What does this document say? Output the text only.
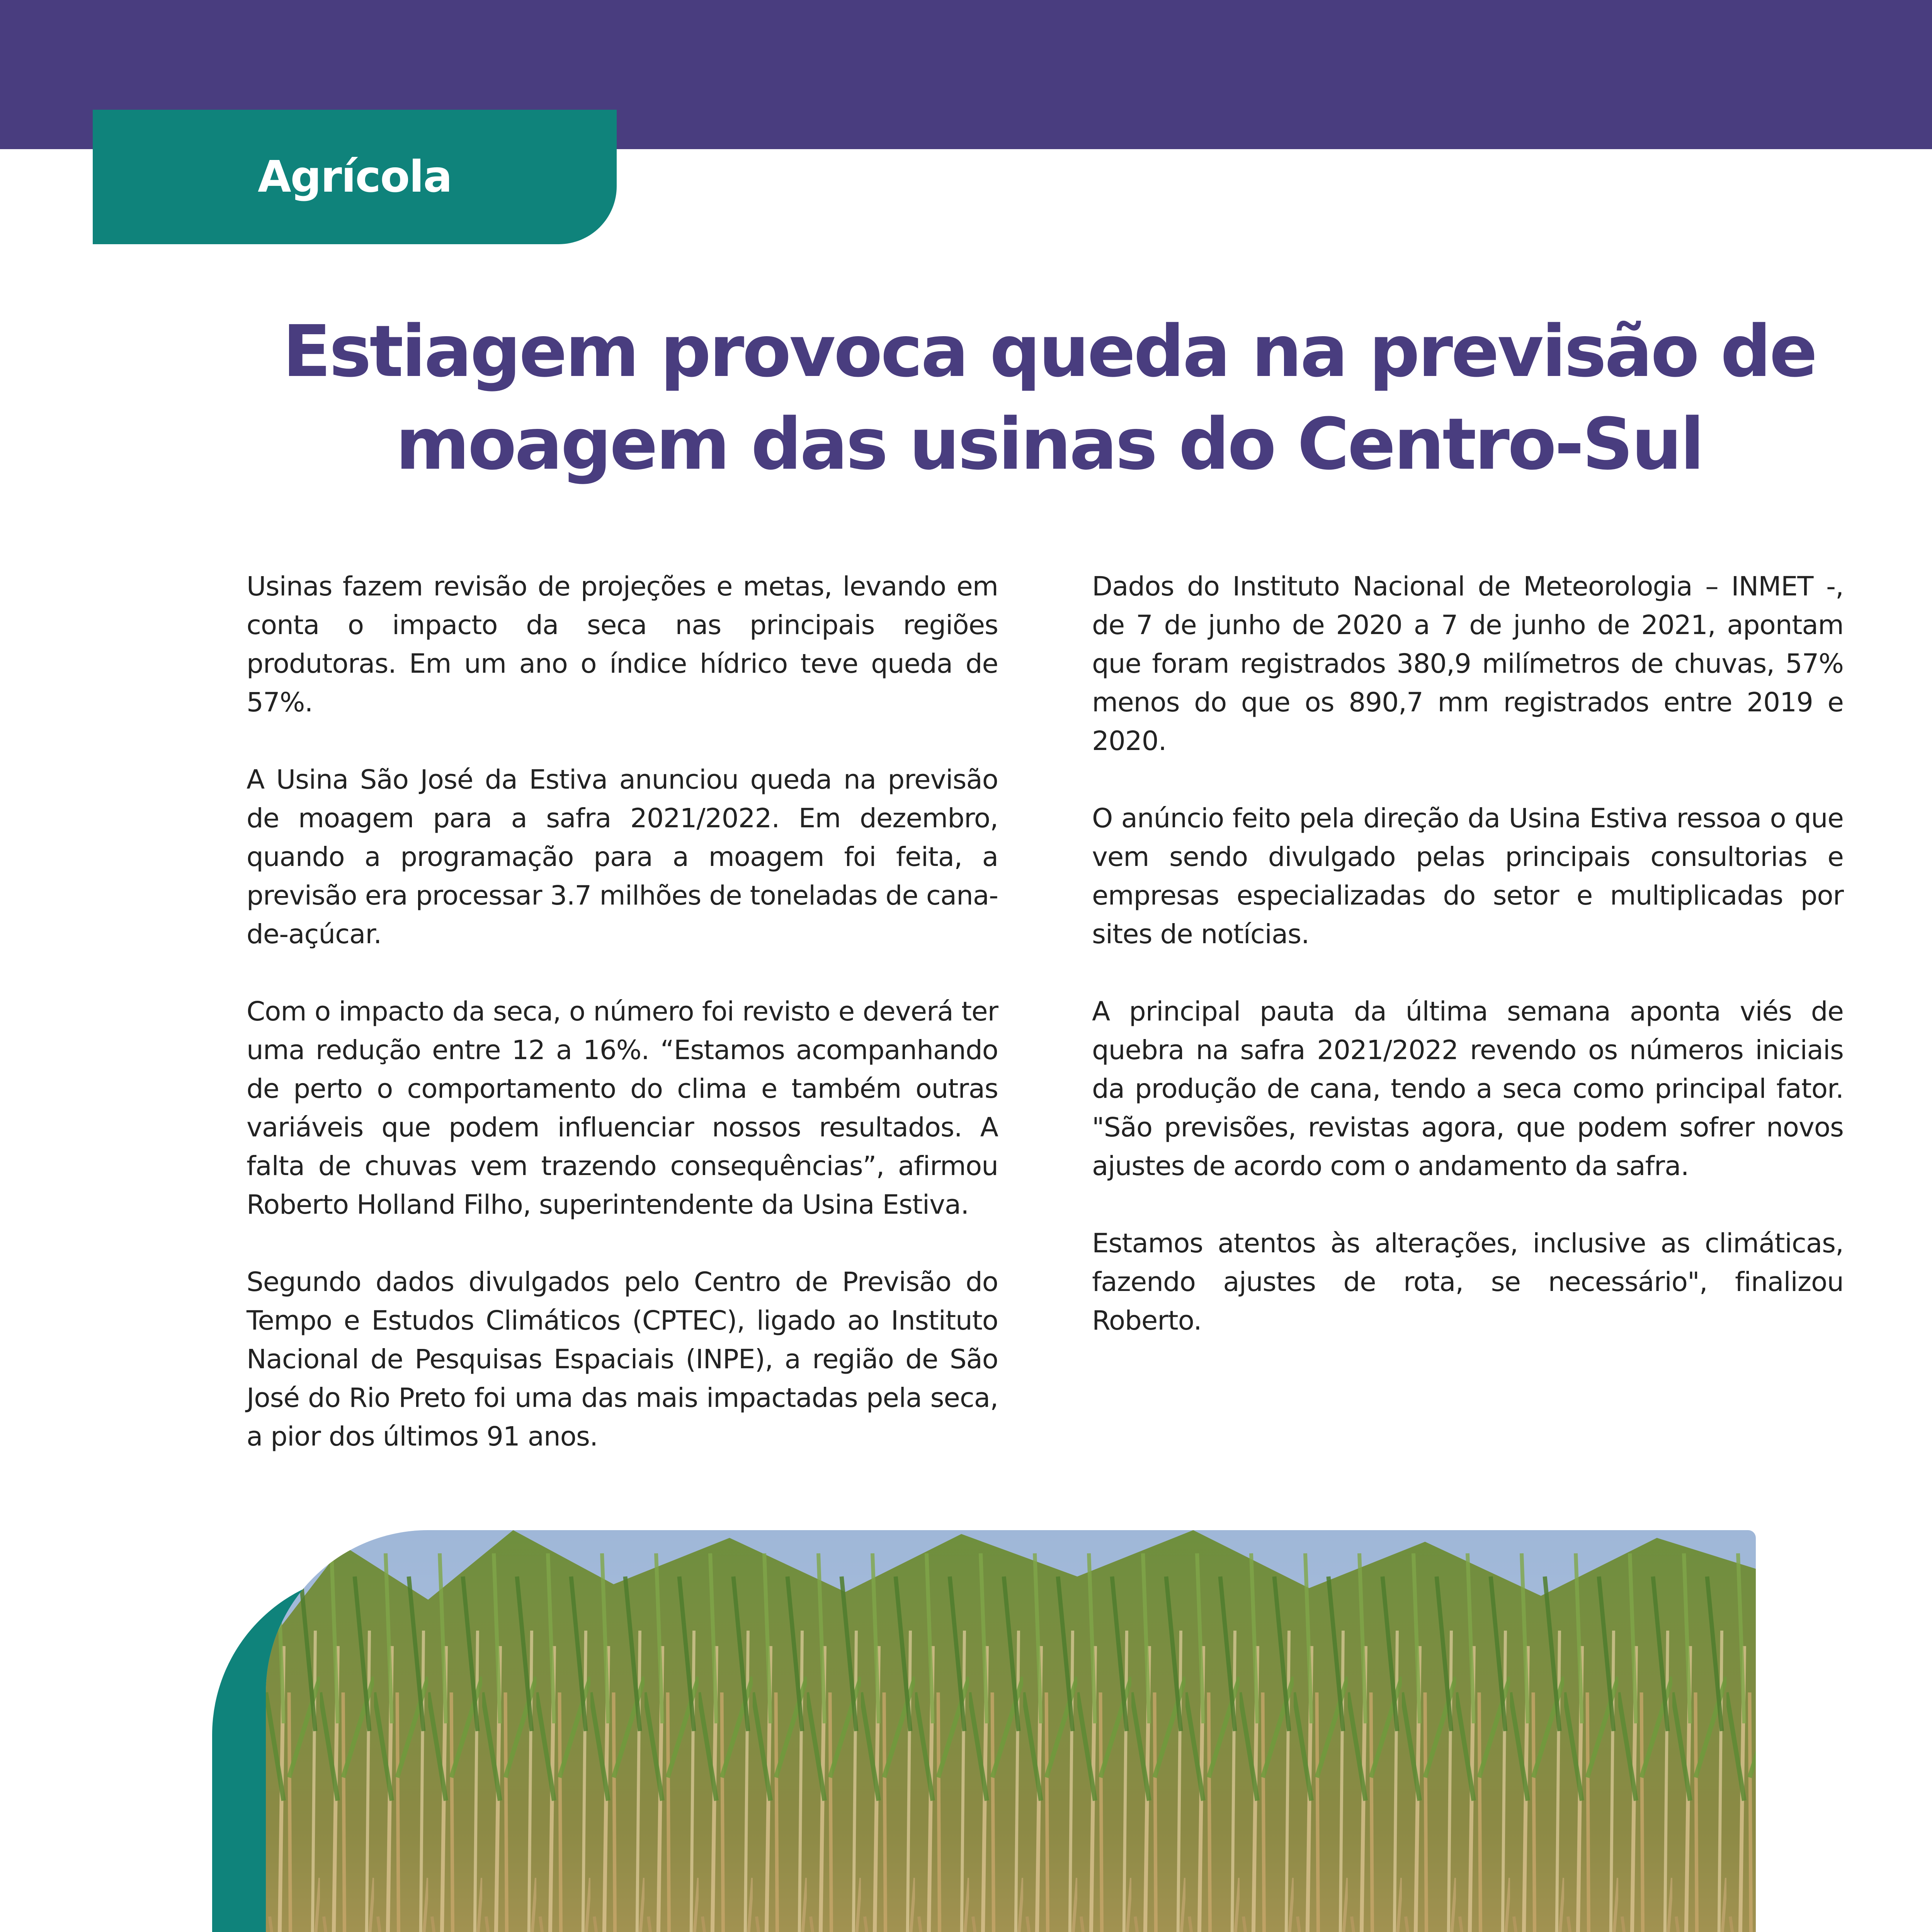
Agrícola
Estiagem provoca queda na previsão de
moagem das usinas do Centro-Sul

Usinas fazem revisão de projeções e metas, levando em conta o impacto da seca nas principais regiões produtoras. Em um ano o índice hídrico teve queda de 57%.

A Usina São José da Estiva anunciou queda na previsão de moagem para a safra 2021/2022. Em dezembro, quando a programação para a moagem foi feita, a previsão era processar 3.7 milhões de toneladas de cana-de-açúcar.

Com o impacto da seca, o número foi revisto e deverá ter uma redução entre 12 a 16%. “Estamos acompanhando de perto o comportamento do clima e também outras variáveis que podem influenciar nossos resultados. A falta de chuvas vem trazendo consequências”, afirmou Roberto Holland Filho, superintendente da Usina Estiva.

Segundo dados divulgados pelo Centro de Previsão do Tempo e Estudos Climáticos (CPTEC), ligado ao Instituto Nacional de Pesquisas Espaciais (INPE), a região de São José do Rio Preto foi uma das mais impactadas pela seca, a pior dos últimos 91 anos.

Dados do Instituto Nacional de Meteorologia – INMET -, de 7 de junho de 2020 a 7 de junho de 2021, apontam que foram registrados 380,9 milímetros de chuvas, 57% menos do que os 890,7 mm registrados entre 2019 e 2020.

O anúncio feito pela direção da Usina Estiva ressoa o que vem sendo divulgado pelas principais consultorias e empresas especializadas do setor e multiplicadas por sites de notícias.

A principal pauta da última semana aponta viés de quebra na safra 2021/2022 revendo os números iniciais da produção de cana, tendo a seca como principal fator. "São previsões, revistas agora, que podem sofrer novos ajustes de acordo com o andamento da safra.

Estamos atentos às alterações, inclusive as climáticas, fazendo ajustes de rota, se necessário", finalizou Roberto.
